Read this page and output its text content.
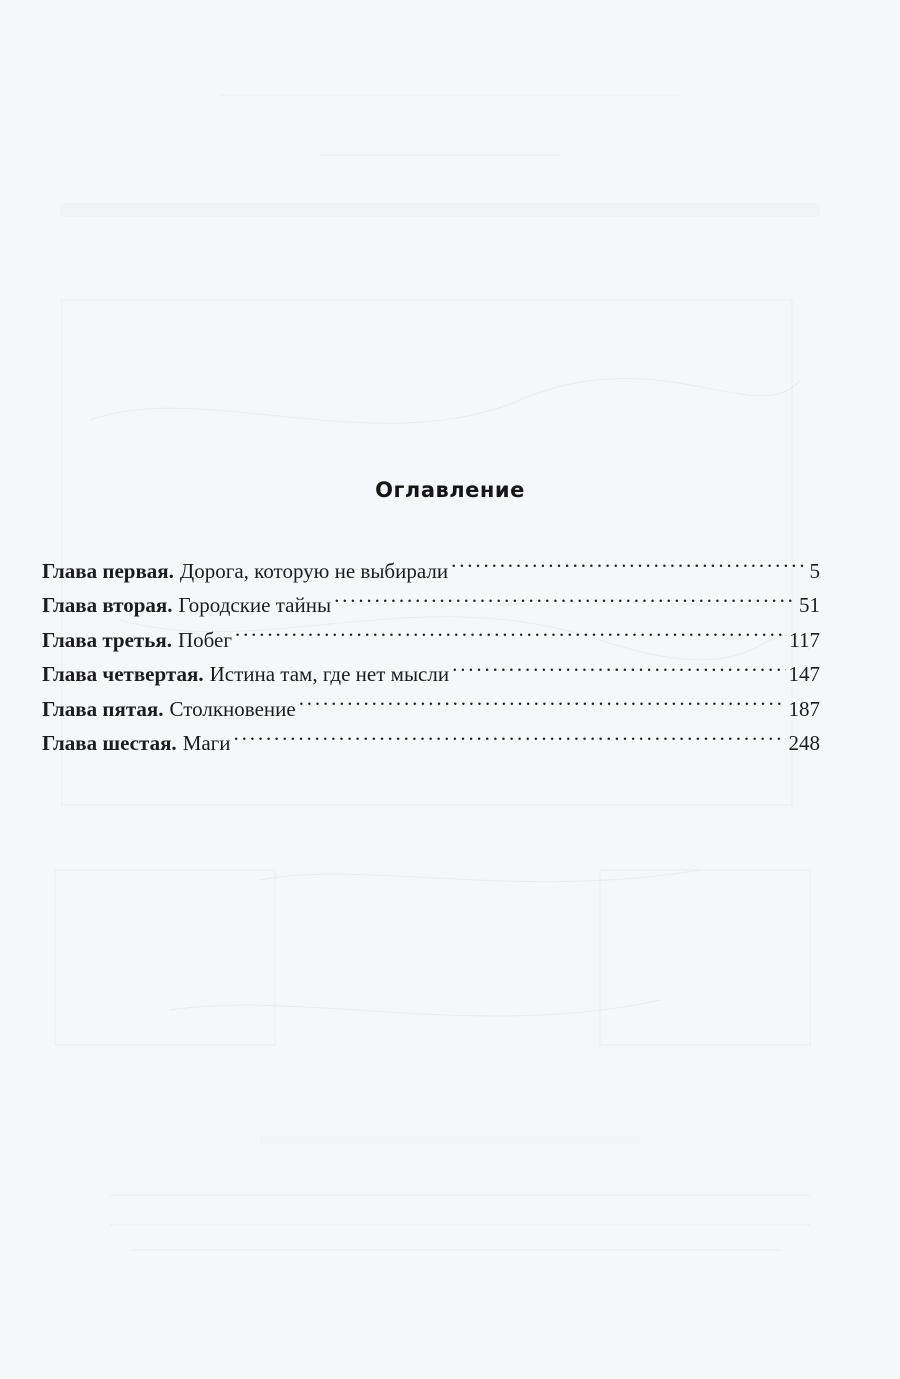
Оглавление
Глава первая. Дорога, которую не выбирали . . .	5
Глава вторая. Городские тайны . . .	51
Глава третья. Побег . . .	117
Глава четвертая. Истина там, где нет мысли . . .	147
Глава пятая. Столкновение . . .	187
Глава шестая. Маги . . .	248
